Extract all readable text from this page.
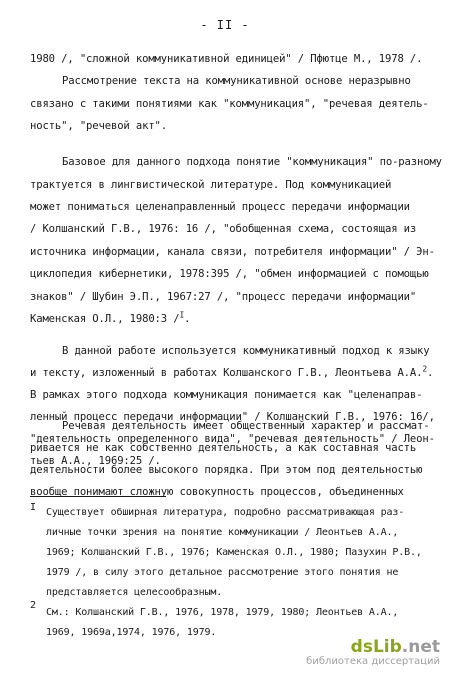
- II -
1980 /, "сложной коммуникативной единицей" / Пфютце М., 1978 /.
Рассмотрение текста на коммуникативной основе неразрывно
связано с такими понятиями как "коммуникация", "речевая деятель-
ность", "речевой акт".
Базовое для данного подхода понятие "коммуникация" по-разному
трактуется в лингвистической литературе. Под коммуникацией
может пониматься целенаправленный процесс передачи информации
/ Колшанский Г.В., 1976: 16 /, "обобщенная схема, состоящая из
источника информации, канала связи, потребителя информации" / Эн-
циклопедия кибернетики, 1978:395 /, "обмен информацией с помощью
знаков" / Шубин Э.П., 1967:27 /, "процесс передачи информации"
Каменская О.Л., 1980:3 /$^I$.
В данной работе используется коммуникативный подход к языку
и тексту, изложенный в работах Колшанского Г.В., Леонтьева А.А.$^2$.
В рамках этого подхода коммуникация понимается как "целенаправ-
ленный процесс передачи информации" / Колшанский Г.В., 1976: 16/,
"деятельность определенного вида", "речевая деятельность" / Леон-
тьев А.А., 1969:25 /.
Речевая деятельность имеет общественный характер и рассмат-
ривается не как собственно деятельность, а как составная часть
деятельности более высокого порядка. При этом под деятельностью
вообще понимают сложную совокупность процессов, объединенных
I Существует обширная литература, подробно рассматривающая раз-
личные точки зрения на понятие коммуникации / Леонтьев А.А.,
1969; Колшанский Г.В., 1976; Каменская О.Л., 1980; Пазухин Р.В.,
1979 /, в силу этого детальное рассмотрение этого понятия не
представляется целесообразным.
2
См.: Колшанский Г.В., 1976, 1978, 1979, 1980; Леонтьев А.А.,
1969, 1969а,1974, 1976, 1979.
dsLib.net
библиотека диссертаций
